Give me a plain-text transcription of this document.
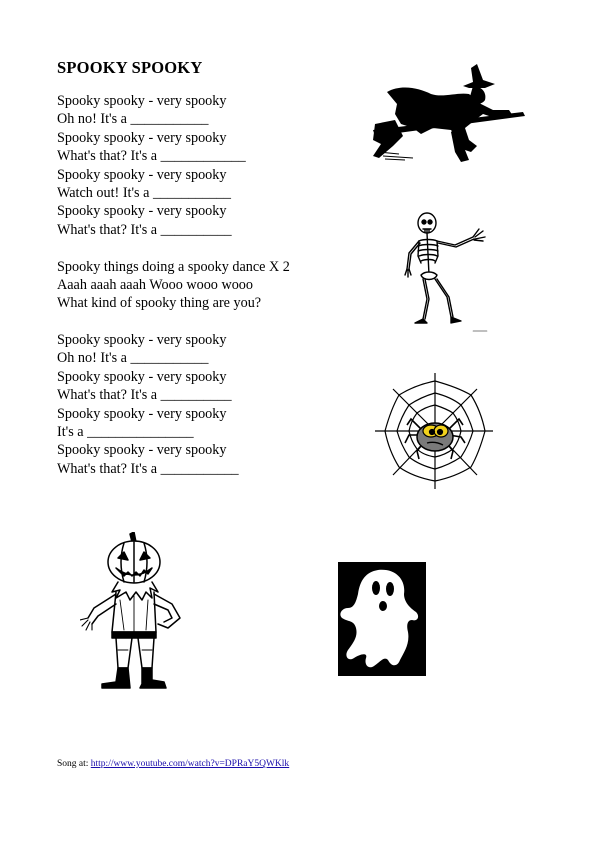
SPOOKY SPOOKY
Spooky spooky - very spooky
Oh no! It's a ___________
Spooky spooky - very spooky
What's that? It's a ____________
Spooky spooky - very spooky
Watch out! It's a ___________
Spooky spooky - very spooky
What's that? It's a __________
Spooky things doing a spooky dance X 2
Aaah aaah aaah Wooo wooo wooo
What kind of spooky thing are you?
Spooky spooky - very spooky
Oh no! It's a ___________
Spooky spooky - very spooky
What's that? It's a __________
Spooky spooky - very spooky
It's a _______________
Spooky spooky - very spooky
What's that? It's a ___________
Song at: http://www.youtube.com/watch?v=DPRaY5QWKlk
